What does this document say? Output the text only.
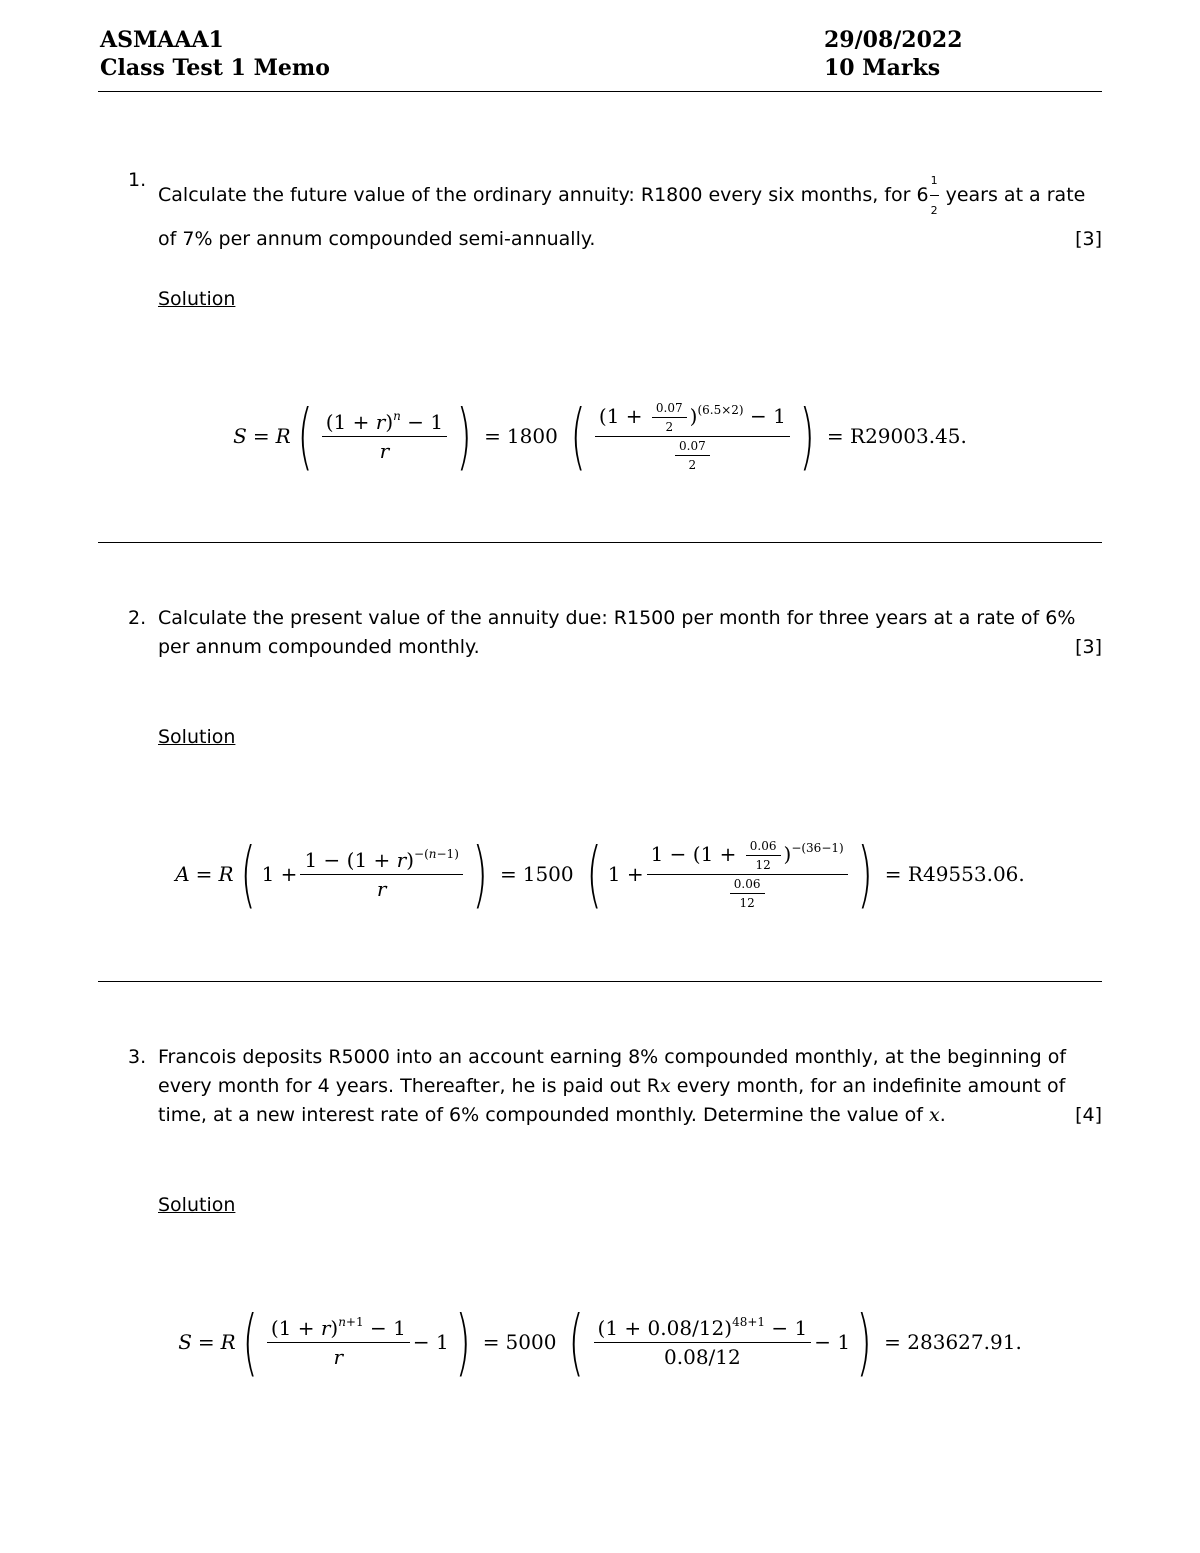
ASMAAA1
Class Test 1 Memo
29/08/2022
10 Marks
1.
Calculate the future value of the ordinary annuity: R1800 every six months, for $6 \frac{1}{2}$ years at a rate of 7% per annum compounded semi-annually.	[3]
Solution
S = R ( $\frac{(1 + r)^n - 1}{r}$ ) = 1800 ( $\frac{(1 + \frac{0.07}{2} )^{(6.5\times 2)} - 1}{\frac{0.07}{2}}$ ) = R29003.45.
2. Calculate the present value of the annuity due: R1500 per month for three years at a rate of 6% per annum compounded monthly.	[3]
Solution
A = R ( $1 + \frac{1 - (1 + r)^{-(n-1)}}{r}$ ) = 1500 ( $1 + \frac{1 - (1 + \frac{0.06}{12} )^{-(36-1)}}{\frac{0.06}{12}}$ ) = R49553.06.
3. Francois deposits R5000 into an account earning 8% compounded monthly, at the beginning of every month for 4 years. Thereafter, he is paid out Rx every month, for an indefinite amount of time, at a new interest rate of 6% compounded monthly. Determine the value of x.	[4]
Solution
S = R ( $\frac{(1 + r)^{n+1} - 1}{r} - 1$ ) = 5000 ( $\frac{(1 + 0.08/12)^{48+1} - 1}{0.08/12} - 1$ ) = 283627.91.
